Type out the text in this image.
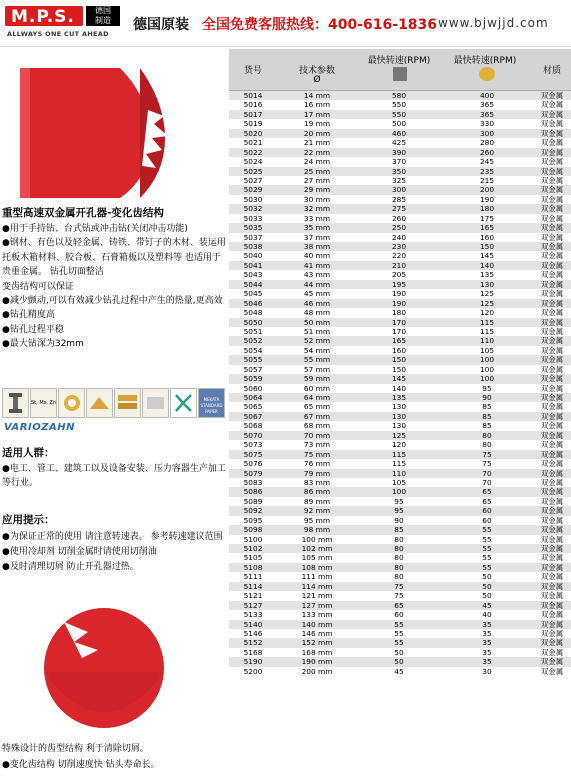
M.P.S.	德国
制造
ALLWAYS ONE CUT AHEAD
德国原装 全国免费客服热线：400-616-1836 www.bjwjjd.com
重型高速双金属开孔器-变化齿结构
●用于手持钻、台式钻或冲击钻(关闭冲击功能)
●钢材、有色以及轻金属、铸铁、带钉子的木材、装运用托板木箱材料、胶合板、石膏箱板以及塑料等 也适用于贵重金属。 钻孔切面整洁
变齿结构可以保证
●减少颤动,可以有效减少钻孔过程中产生的热量,更高效
●钻孔精度高
●钻孔过程平稳
●最大钻深为32mm
St, Ms, Zn
MEKATA STANDARD PAPER
VARIOZAHN
适用人群：
●电工、管工、建筑工以及设备安装、压力容器生产加工等行业。
应用提示：
●为保证正常的使用 请注意转速表。 参考转速建议范围
●使用冷却剂 切削金属时请使用切削油
●及时清理切屑 防止开孔器过热。
特殊设计的齿型结构 利于清除切屑。
●变化齿结构 切削速度快 钻头寿命长。
货号	技术参数
Ø
最快转速(RPM)	最快转速(RPM)
材质
5014	14 mm	580	400	双金属
5016	16 mm	550	365	双金属
5017	17 mm	550	365	双金属
5019	19 mm	500	330	双金属
5020	20 mm	460	300	双金属
5021	21 mm	425	280	双金属
5022	22 mm	390	260	双金属
5024	24 mm	370	245	双金属
5025	25 mm	350	235	双金属
5027	27 mm	325	215	双金属
5029	29 mm	300	200	双金属
5030	30 mm	285	190	双金属
5032	32 mm	275	180	双金属
5033	33 mm	260	175	双金属
5035	35 mm	250	165	双金属
5037	37 mm	240	160	双金属
5038	38 mm	230	150	双金属
5040	40 mm	220	145	双金属
5041	41 mm	210	140	双金属
5043	43 mm	205	135	双金属
5044	44 mm	195	130	双金属
5045	45 mm	190	125	双金属
5046	46 mm	190	125	双金属
5048	48 mm	180	120	双金属
5050	50 mm	170	115	双金属
5051	51 mm	170	115	双金属
5052	52 mm	165	110	双金属
5054	54 mm	160	105	双金属
5055	55 mm	150	100	双金属
5057	57 mm	150	100	双金属
5059	59 mm	145	100	双金属
5060	60 mm	140	95	双金属
5064	64 mm	135	90	双金属
5065	65 mm	130	85	双金属
5067	67 mm	130	85	双金属
5068	68 mm	130	85	双金属
5070	70 mm	125	80	双金属
5073	73 mm	120	80	双金属
5075	75 mm	115	75	双金属
5076	76 mm	115	75	双金属
5079	79 mm	110	70	双金属
5083	83 mm	105	70	双金属
5086	86 mm	100	65	双金属
5089	89 mm	95	65	双金属
5092	92 mm	95	60	双金属
5095	95 mm	90	60	双金属
5098	98 mm	85	55	双金属
5100	100 mm	80	55	双金属
5102	102 mm	80	55	双金属
5105	105 mm	80	55	双金属
5108	108 mm	80	55	双金属
5111	111 mm	80	50	双金属
5114	114 mm	75	50	双金属
5121	121 mm	75	50	双金属
5127	127 mm	65	45	双金属
5133	133 mm	60	40	双金属
5140	140 mm	55	35	双金属
5146	146 mm	55	35	双金属
5152	152 mm	55	35	双金属
5168	168 mm	50	35	双金属
5190	190 mm	50	35	双金属
5200	200 mm	45	30	双金属
